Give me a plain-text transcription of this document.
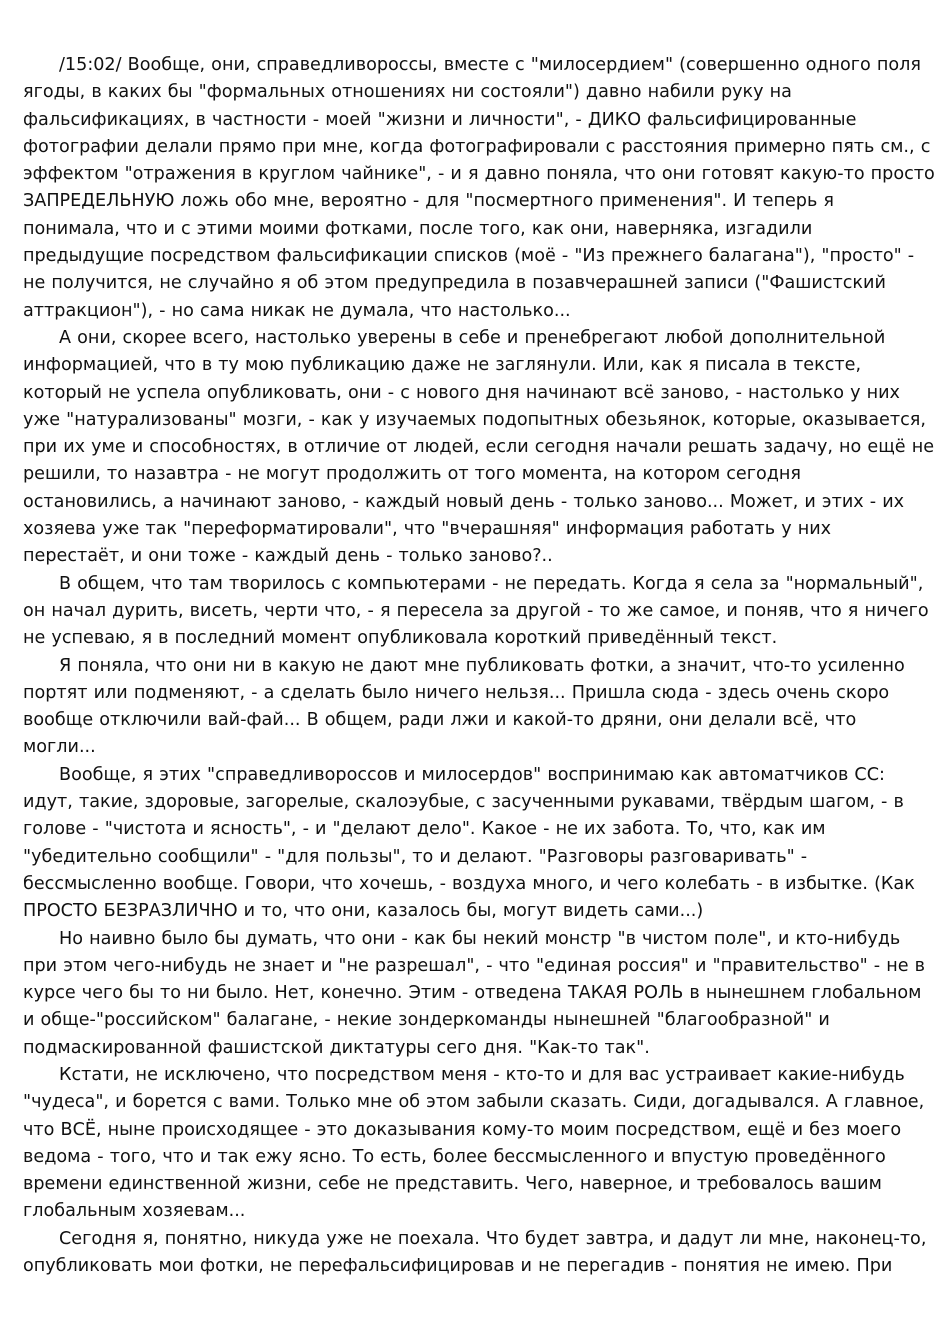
/15:02/ Вообще, они, справедливороссы, вместе с "милосердием" (совершенно одного поля ягоды, в каких бы "формальных отношениях ни состояли") давно набили руку на фальсификациях, в частности - моей "жизни и личности", - ДИКО фальсифицированные фотографии делали прямо при мне, когда фотографировали с расстояния примерно пять см., с эффектом "отражения в круглом чайнике", - и я давно поняла, что они готовят какую-то просто ЗАПРЕДЕЛЬНУЮ ложь обо мне, вероятно - для "посмертного применения". И теперь я понимала, что и с этими моими фотками, после того, как они, наверняка, изгадили предыдущие посредством фальсификации списков (моё - "Из прежнего балагана"), "просто" - не получится, не случайно я об этом предупредила в позавчерашней записи ("Фашистский аттракцион"), - но сама никак не думала, что настолько...

А они, скорее всего, настолько уверены в себе и пренебрегают любой дополнительной информацией, что в ту мою публикацию даже не заглянули. Или, как я писала в тексте, который не успела опубликовать, они - с нового дня начинают всё заново, - настолько у них уже "натурализованы" мозги, - как у изучаемых подопытных обезьянок, которые, оказывается, при их уме и способностях, в отличие от людей, если сегодня начали решать задачу, но ещё не решили, то назавтра - не могут продолжить от того момента, на котором сегодня остановились, а начинают заново, - каждый новый день - только заново... Может, и этих - их хозяева уже так "переформатировали", что "вчерашняя" информация работать у них перестаёт, и они тоже - каждый день - только заново?..

В общем, что там творилось с компьютерами - не передать. Когда я села за "нормальный", он начал дурить, висеть, черти что, - я пересела за другой - то же самое, и поняв, что я ничего не успеваю, я в последний момент опубликовала короткий приведённый текст.

Я поняла, что они ни в какую не дают мне публиковать фотки, а значит, что-то усиленно портят или подменяют, - а сделать было ничего нельзя... Пришла сюда - здесь очень скоро вообще отключили вай-фай... В общем, ради лжи и какой-то дряни, они делали всё, что могли...

Вообще, я этих "справедливороссов и милосердов" воспринимаю как автоматчиков СС: идут, такие, здоровые, загорелые, скалоэубые, с засученными рукавами, твёрдым шагом, - в голове - "чистота и ясность", - и "делают дело". Какое - не их забота. То, что, как им "убедительно сообщили" - "для пользы", то и делают. "Разговоры разговаривать" - бессмысленно вообще. Говори, что хочешь, - воздуха много, и чего колебать - в избытке. (Как ПРОСТО БЕЗРАЗЛИЧНО и то, что они, казалось бы, могут видеть сами...)

Но наивно было бы думать, что они - как бы некий монстр "в чистом поле", и кто-нибудь при этом чего-нибудь не знает и "не разрешал", - что "единая россия" и "правительство" - не в курсе чего бы то ни было. Нет, конечно. Этим - отведена ТАКАЯ РОЛЬ в нынешнем глобальном и обще-"российском" балагане, - некие зондеркоманды нынешней "благообразной" и подмаскированной фашистской диктатуры сего дня. "Как-то так".

Кстати, не исключено, что посредством меня - кто-то и для вас устраивает какие-нибудь "чудеса", и борется с вами. Только мне об этом забыли сказать. Сиди, догадывался. А главное, что ВСЁ, ныне происходящее - это доказывания кому-то моим посредством, ещё и без моего ведома - того, что и так ежу ясно. То есть, более бессмысленного и впустую проведённого времени единственной жизни, себе не представить. Чего, наверное, и требовалось вашим глобальным хозяевам...

Сегодня я, понятно, никуда уже не поехала. Что будет завтра, и дадут ли мне, наконец-то, опубликовать мои фотки, не перефальсифицировав и не перегадив - понятия не имею. При
